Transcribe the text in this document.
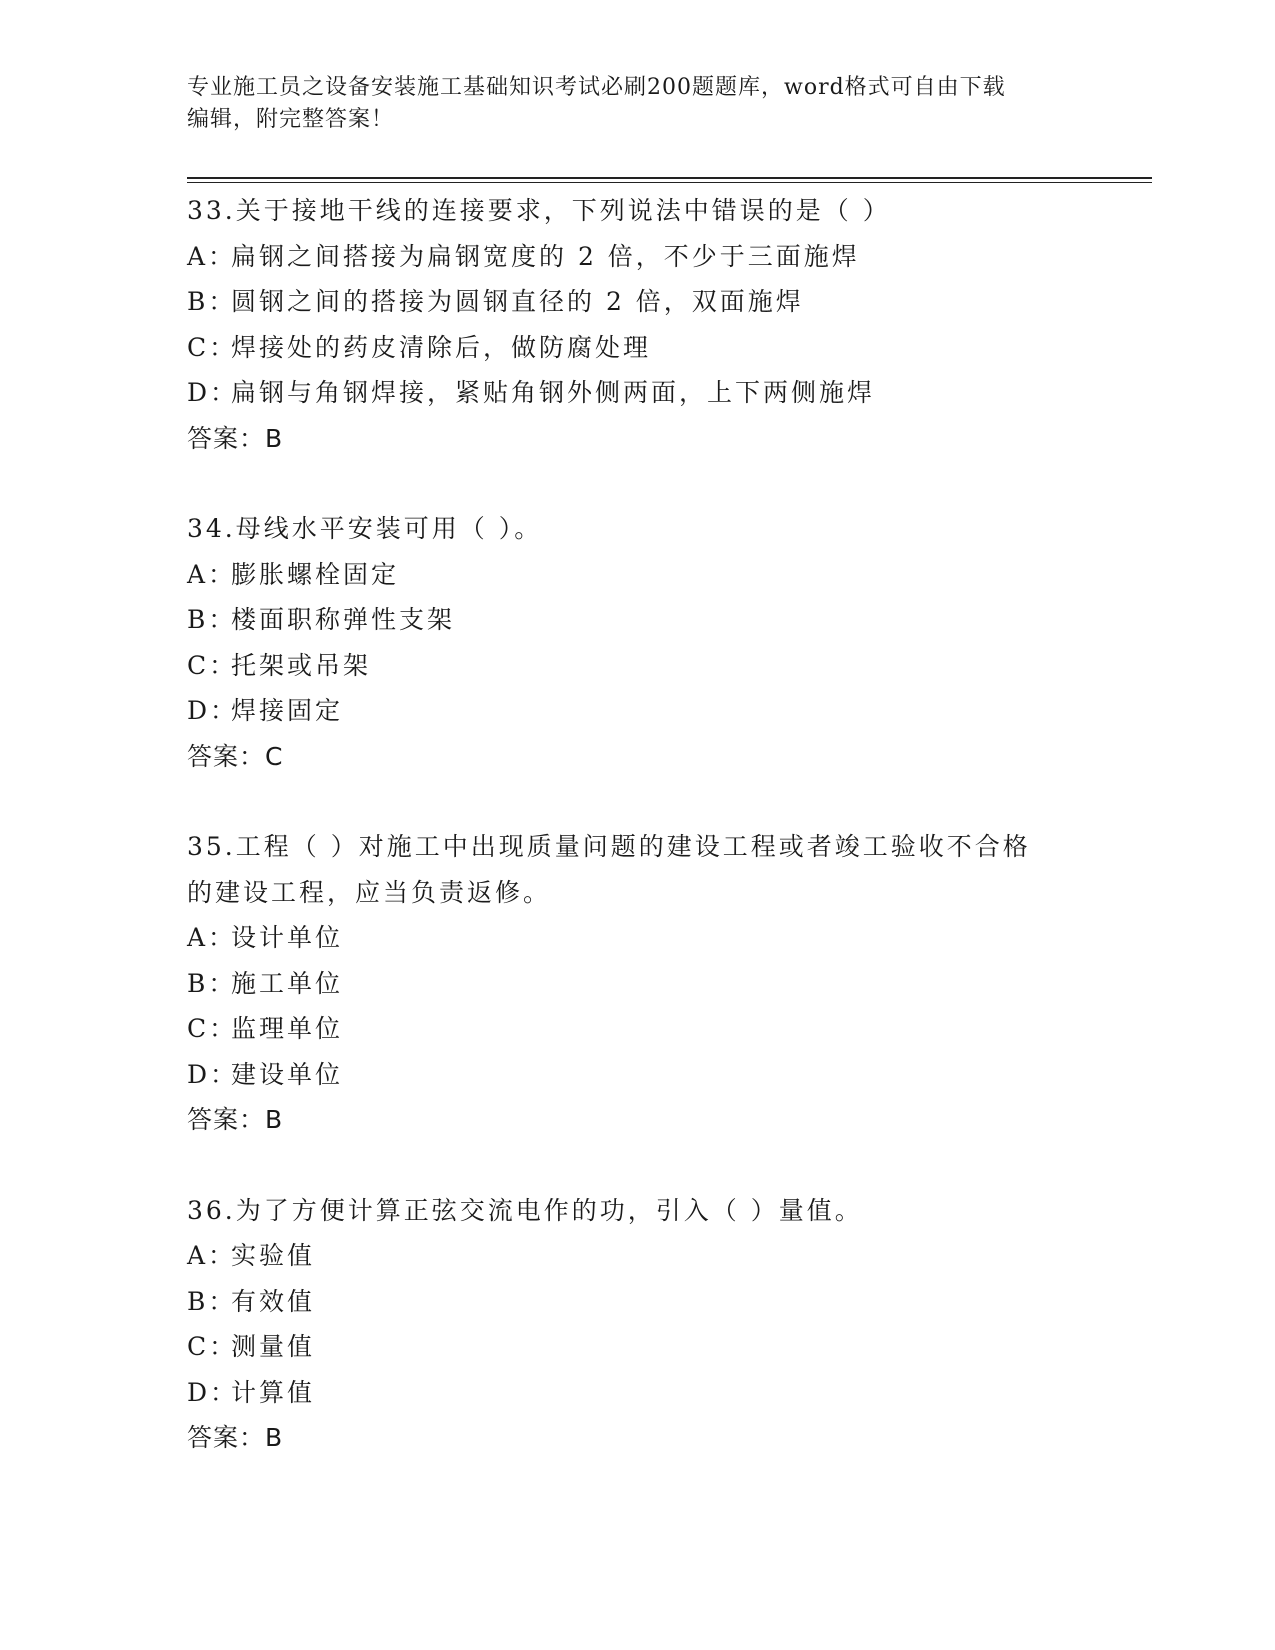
专业施工员之设备安装施工基础知识考试必刷200题题库，word格式可自由下载
编辑，附完整答案！
33.关于接地干线的连接要求，下列说法中错误的是（ ）
A：扁钢之间搭接为扁钢宽度的 2 倍，不少于三面施焊
B：圆钢之间的搭接为圆钢直径的 2 倍，双面施焊
C：焊接处的药皮清除后，做防腐处理
D：扁钢与角钢焊接，紧贴角钢外侧两面，上下两侧施焊
答案：B
34.母线水平安装可用（ ）。
A：膨胀螺栓固定
B：楼面职称弹性支架
C：托架或吊架
D：焊接固定
答案：C
35.工程（ ）对施工中出现质量问题的建设工程或者竣工验收不合格
的建设工程，应当负责返修。
A：设计单位
B：施工单位
C：监理单位
D：建设单位
答案：B
36.为了方便计算正弦交流电作的功，引入（ ）量值。
A：实验值
B：有效值
C：测量值
D：计算值
答案：B
